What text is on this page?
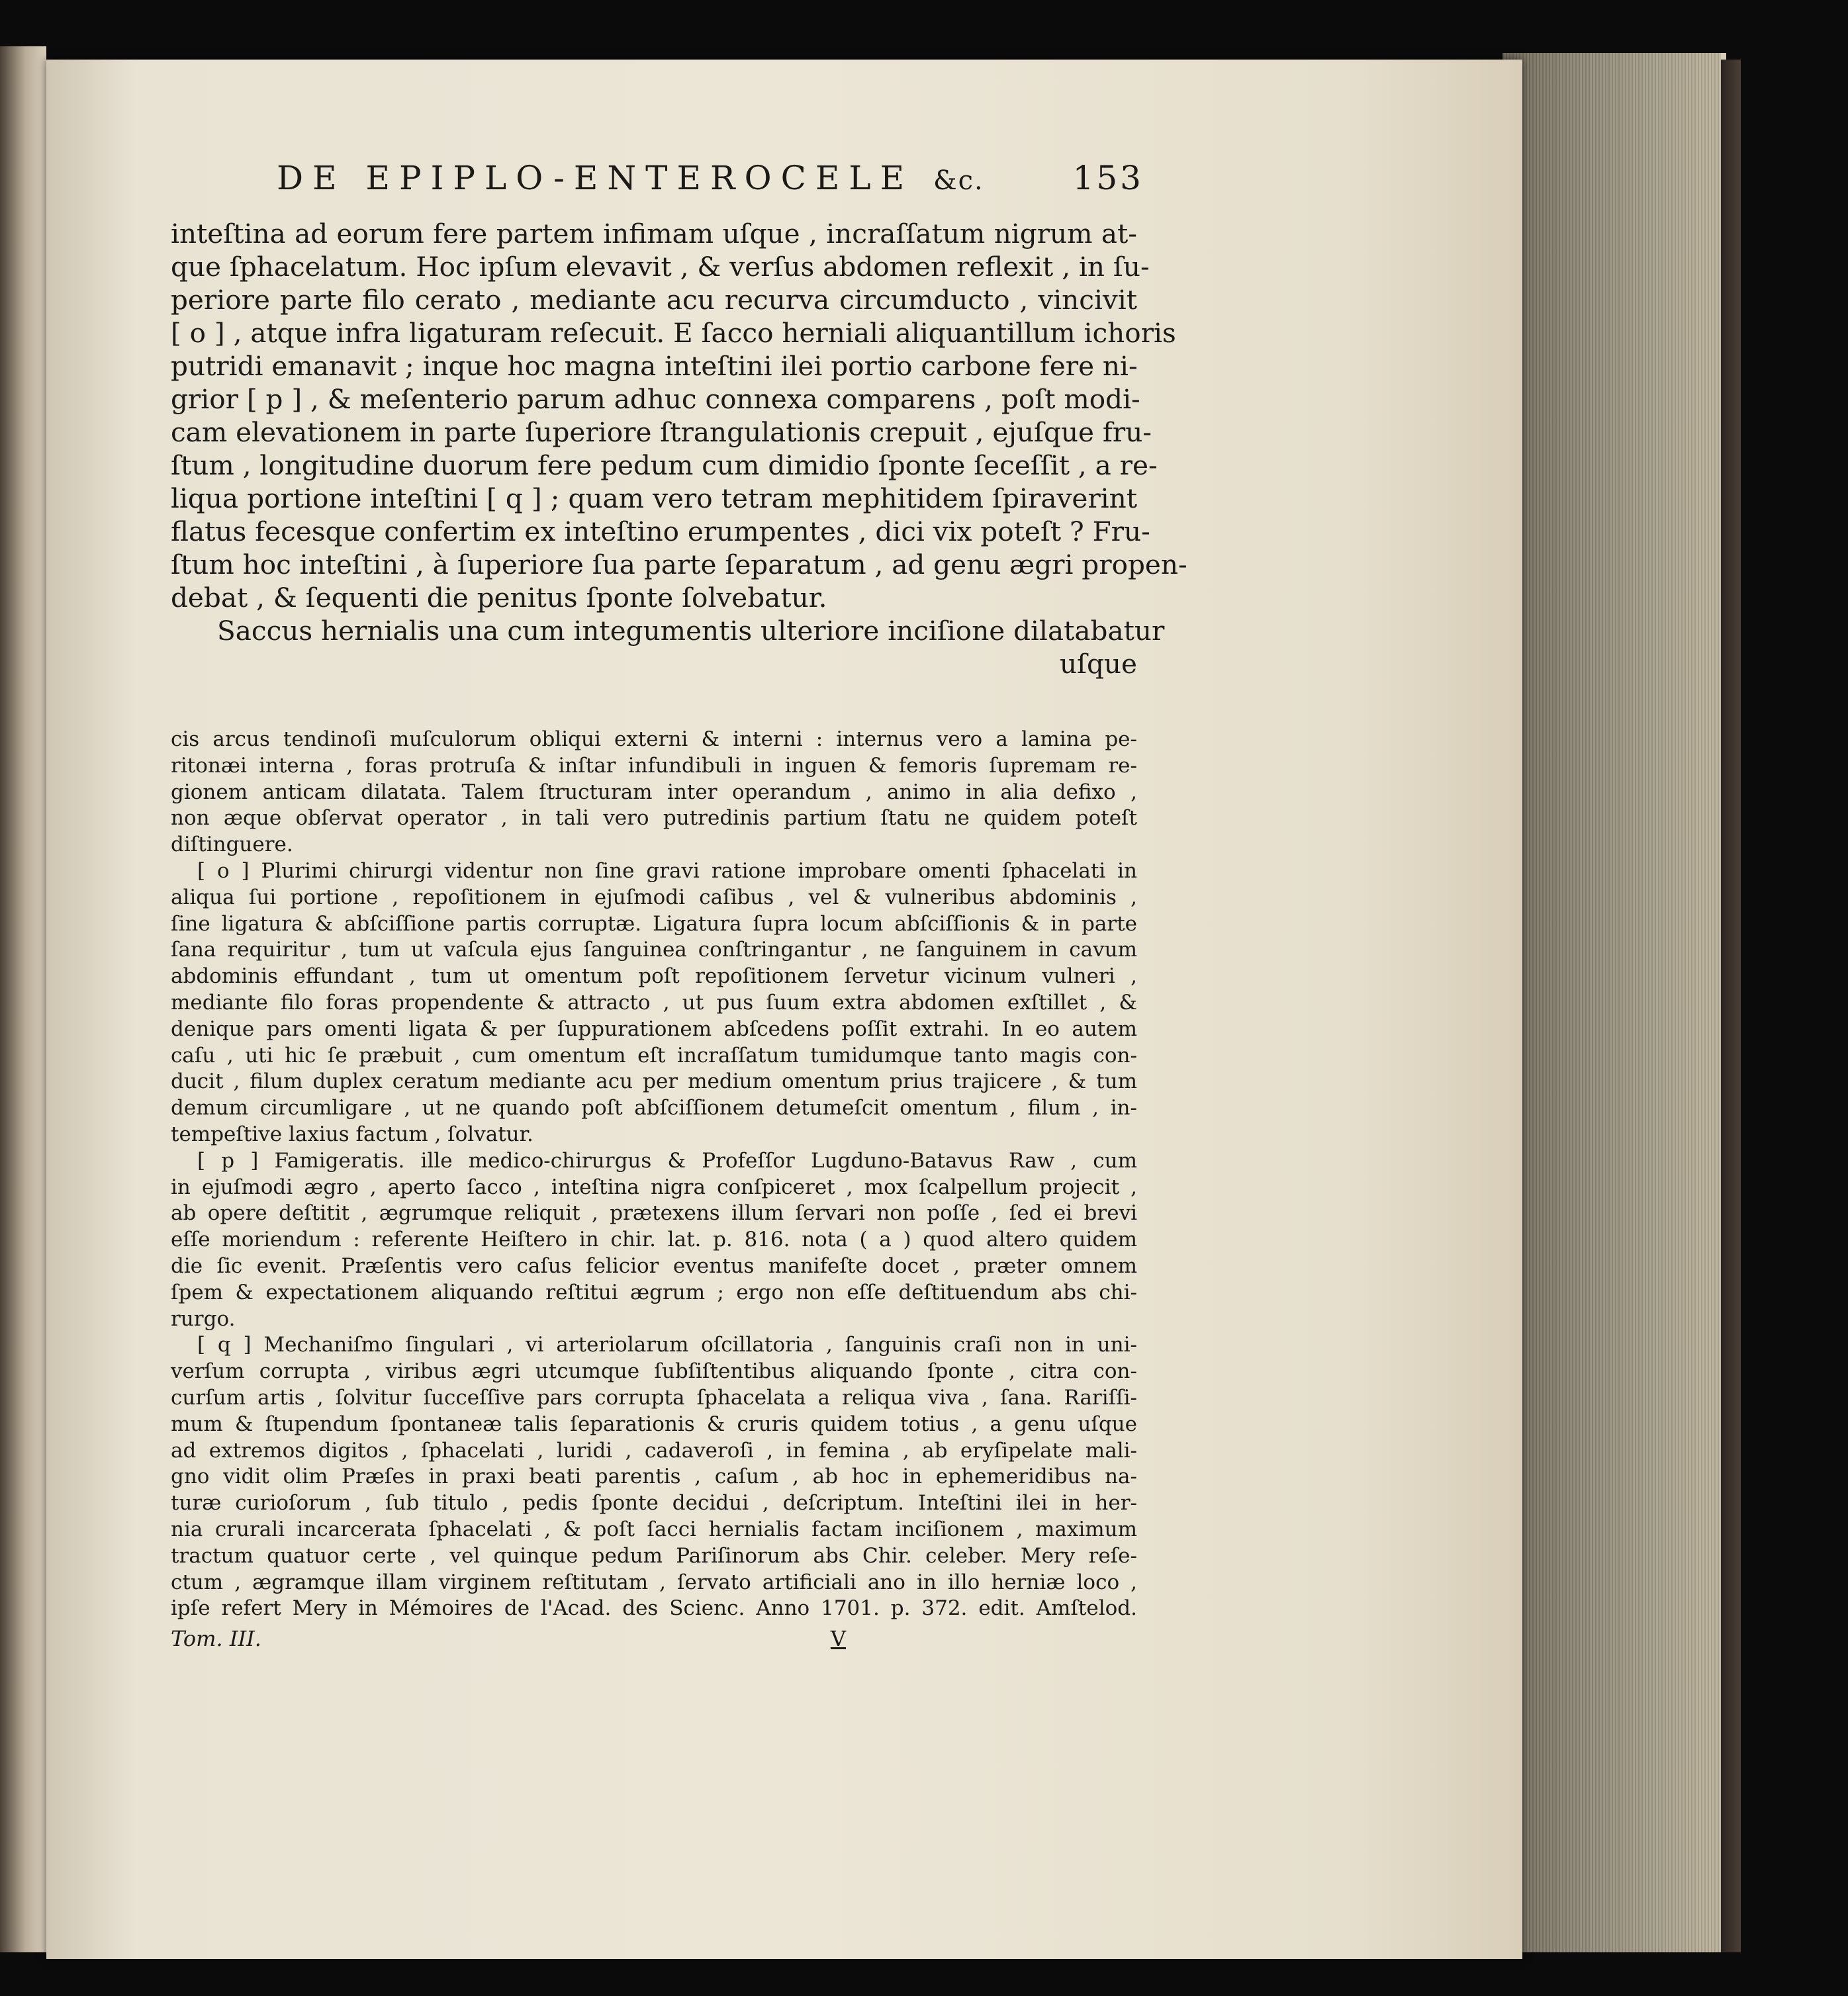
DE EPIPLO-ENTEROCELE &c.	153
inteſtina ad eorum fere partem infimam uſque , incraſſatum nigrum at-
que ſphacelatum. Hoc ipſum elevavit , & verſus abdomen reflexit , in ſu-
periore parte filo cerato , mediante acu recurva circumducto , vincivit
[ o ] , atque infra ligaturam reſecuit. E ſacco herniali aliquantillum ichoris
putridi emanavit ; inque hoc magna inteſtini ilei portio carbone fere ni-
grior [ p ] , & meſenterio parum adhuc connexa comparens , poſt modi-
cam elevationem in parte ſuperiore ſtrangulationis crepuit , ejuſque fru-
ſtum , longitudine duorum fere pedum cum dimidio ſponte ſeceſſit , a re-
liqua portione inteſtini [ q ] ; quam vero tetram mephitidem ſpiraverint
flatus fecesque confertim ex inteſtino erumpentes , dici vix poteſt ? Fru-
ſtum hoc inteſtini , à ſuperiore ſua parte ſeparatum , ad genu ægri propen-
debat , & ſequenti die penitus ſponte ſolvebatur.
Saccus hernialis una cum integumentis ulteriore inciſione dilatabatur
uſque
cis arcus tendinoſi muſculorum obliqui externi & interni : internus vero a lamina pe-
ritonæi interna , foras protruſa & inſtar infundibuli in inguen & femoris ſupremam re-
gionem anticam dilatata. Talem ſtructuram inter operandum , animo in alia defixo ,
non æque obſervat operator , in tali vero putredinis partium ſtatu ne quidem poteſt
diſtinguere.
[ o ] Plurimi chirurgi videntur non ſine gravi ratione improbare omenti ſphacelati in
aliqua ſui portione , repoſitionem in ejuſmodi caſibus , vel & vulneribus abdominis ,
ſine ligatura & abſciſſione partis corruptæ. Ligatura ſupra locum abſciſſionis & in parte
ſana requiritur , tum ut vaſcula ejus ſanguinea conſtringantur , ne ſanguinem in cavum
abdominis effundant , tum ut omentum poſt repoſitionem ſervetur vicinum vulneri ,
mediante filo foras propendente & attracto , ut pus ſuum extra abdomen exſtillet , &
denique pars omenti ligata & per ſuppurationem abſcedens poſſit extrahi. In eo autem
caſu , uti hic ſe præbuit , cum omentum eſt incraſſatum tumidumque tanto magis con-
ducit , filum duplex ceratum mediante acu per medium omentum prius trajicere , & tum
demum circumligare , ut ne quando poſt abſciſſionem detumeſcit omentum , filum , in-
tempeſtive laxius factum , ſolvatur.
[ p ] Famigeratis. ille medico-chirurgus & Profeſſor Lugduno-Batavus Raw , cum
in ejuſmodi ægro , aperto ſacco , inteſtina nigra conſpiceret , mox ſcalpellum projecit ,
ab opere deſtitit , ægrumque reliquit , prætexens illum ſervari non poſſe , ſed ei brevi
eſſe moriendum : referente Heiſtero in chir. lat. p. 816. nota ( a ) quod altero quidem
die ſic evenit. Præſentis vero caſus felicior eventus manifeſte docet , præter omnem
ſpem & expectationem aliquando reſtitui ægrum ; ergo non eſſe deſtituendum abs chi-
rurgo.
[ q ] Mechaniſmo ſingulari , vi arteriolarum oſcillatoria , ſanguinis craſi non in uni-
verſum corrupta , viribus ægri utcumque ſubſiſtentibus aliquando ſponte , citra con-
curſum artis , ſolvitur ſucceſſive pars corrupta ſphacelata a reliqua viva , ſana. Rariſſi-
mum & ſtupendum ſpontaneæ talis ſeparationis & cruris quidem totius , a genu uſque
ad extremos digitos , ſphacelati , luridi , cadaveroſi , in femina , ab eryſipelate mali-
gno vidit olim Præſes in praxi beati parentis , caſum , ab hoc in ephemeridibus na-
turæ curioſorum , ſub titulo , pedis ſponte decidui , deſcriptum. Inteſtini ilei in her-
nia crurali incarcerata ſphacelati , & poſt ſacci hernialis factam inciſionem , maximum
tractum quatuor certe , vel quinque pedum Pariſinorum abs Chir. celeber. Mery reſe-
ctum , ægramque illam virginem reſtitutam , ſervato artificiali ano in illo herniæ loco ,
ipſe refert Mery in Mémoires de l'Acad. des Scienc. Anno 1701. p. 372. edit. Amſtelod.
Tom. III.	V
